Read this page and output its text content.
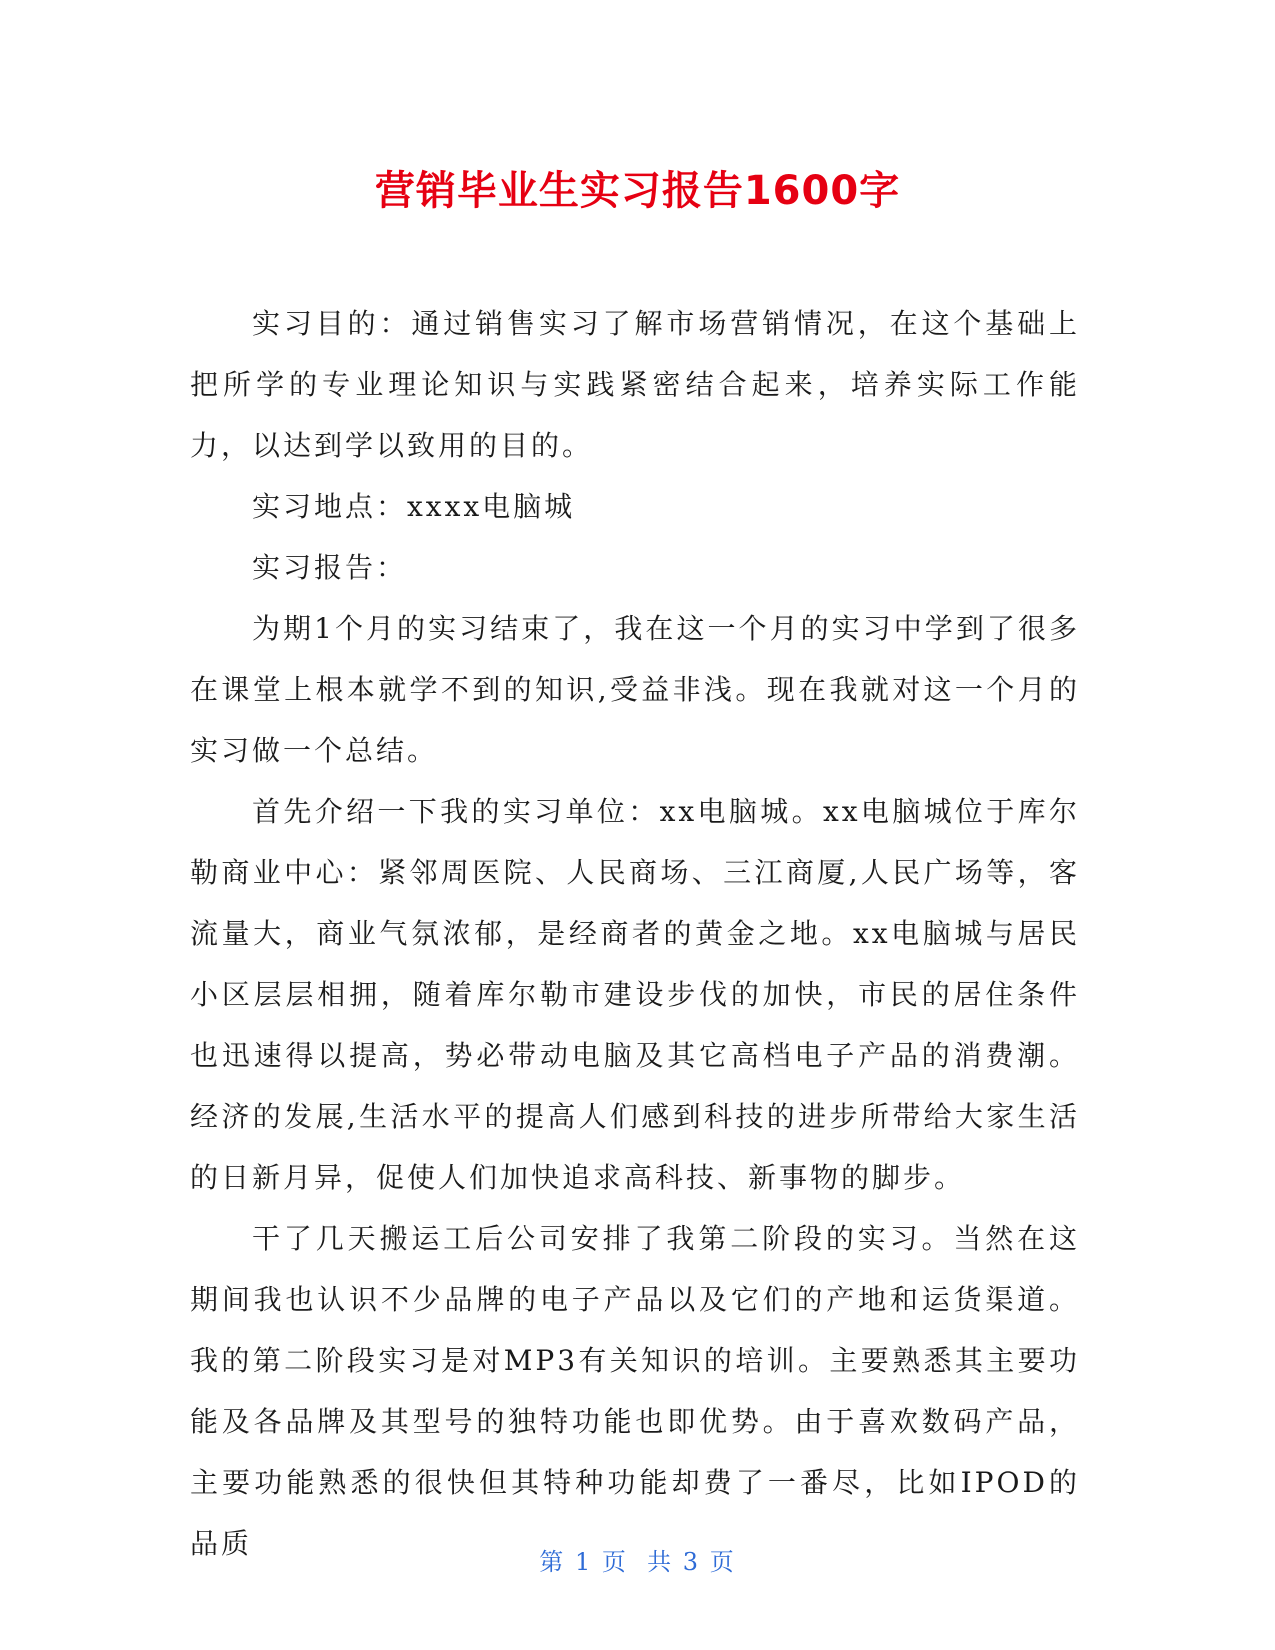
营销毕业生实习报告1600字

实习目的：通过销售实习了解市场营销情况，在这个基础上把所学的专业理论知识与实践紧密结合起来，培养实际工作能力，以达到学以致用的目的。

实习地点：xxxx电脑城

实习报告：

为期1个月的实习结束了，我在这一个月的实习中学到了很多在课堂上根本就学不到的知识,受益非浅。现在我就对这一个月的实习做一个总结。

首先介绍一下我的实习单位：xx电脑城。xx电脑城位于库尔勒商业中心：紧邻周医院、人民商场、三江商厦,人民广场等，客流量大，商业气氛浓郁，是经商者的黄金之地。xx电脑城与居民小区层层相拥，随着库尔勒市建设步伐的加快，市民的居住条件也迅速得以提高，势必带动电脑及其它高档电子产品的消费潮。经济的发展,生活水平的提高人们感到科技的进步所带给大家生活的日新月异，促使人们加快追求高科技、新事物的脚步。

干了几天搬运工后公司安排了我第二阶段的实习。当然在这期间我也认识不少品牌的电子产品以及它们的产地和运货渠道。我的第二阶段实习是对MP3有关知识的培训。主要熟悉其主要功能及各品牌及其型号的独特功能也即优势。由于喜欢数码产品，主要功能熟悉的很快但其特种功能却费了一番尽，比如IPOD的品质

第 1 页  共 3 页
